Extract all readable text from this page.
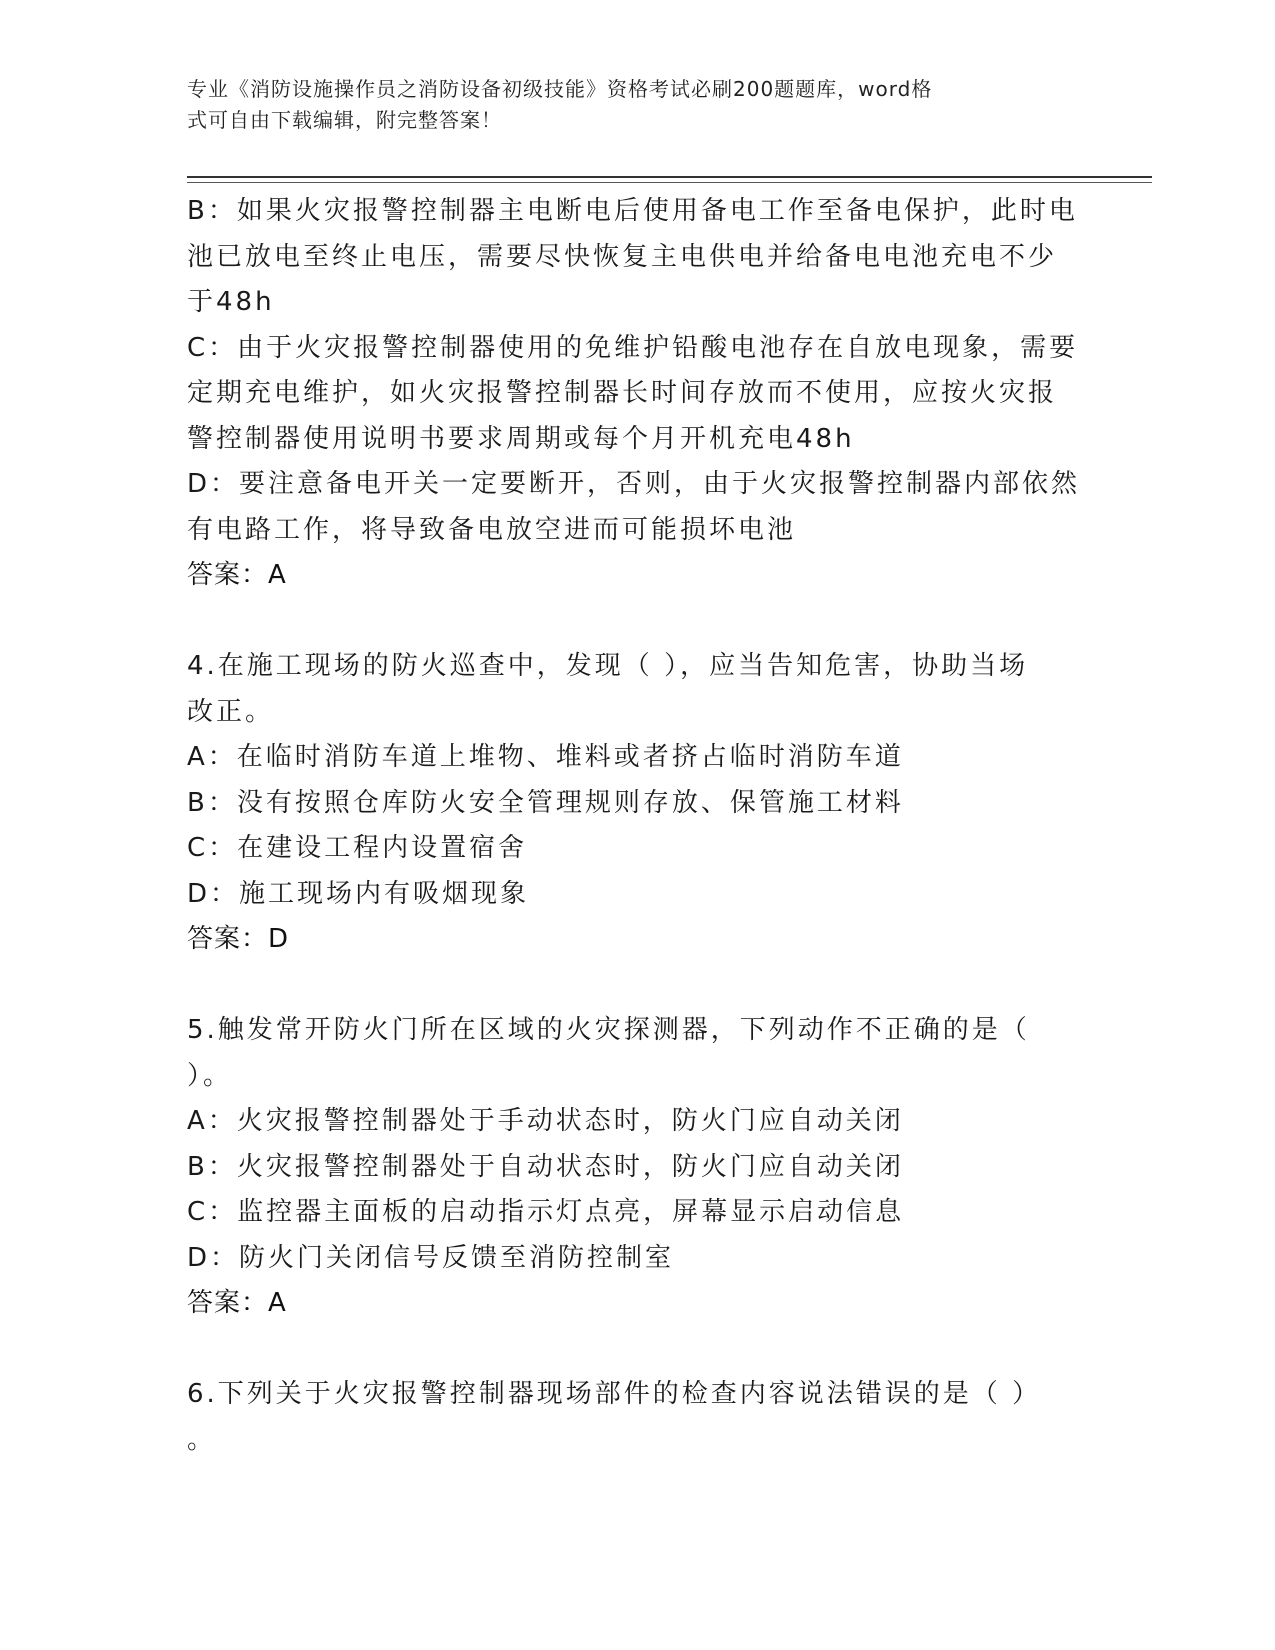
专业《消防设施操作员之消防设备初级技能》资格考试必刷200题题库，word格
式可自由下载编辑，附完整答案！
B：如果火灾报警控制器主电断电后使用备电工作至备电保护，此时电
池已放电至终止电压，需要尽快恢复主电供电并给备电电池充电不少
于48h
C：由于火灾报警控制器使用的免维护铅酸电池存在自放电现象，需要
定期充电维护，如火灾报警控制器长时间存放而不使用，应按火灾报
警控制器使用说明书要求周期或每个月开机充电48h
D：要注意备电开关一定要断开，否则，由于火灾报警控制器内部依然
有电路工作，将导致备电放空进而可能损坏电池
答案：A
4.在施工现场的防火巡查中，发现（ ），应当告知危害，协助当场
改正。
A：在临时消防车道上堆物、堆料或者挤占临时消防车道
B：没有按照仓库防火安全管理规则存放、保管施工材料
C：在建设工程内设置宿舍
D：施工现场内有吸烟现象
答案：D
5.触发常开防火门所在区域的火灾探测器，下列动作不正确的是（
）。
A：火灾报警控制器处于手动状态时，防火门应自动关闭
B：火灾报警控制器处于自动状态时，防火门应自动关闭
C：监控器主面板的启动指示灯点亮，屏幕显示启动信息
D：防火门关闭信号反馈至消防控制室
答案：A
6.下列关于火灾报警控制器现场部件的检查内容说法错误的是（ ）
。
